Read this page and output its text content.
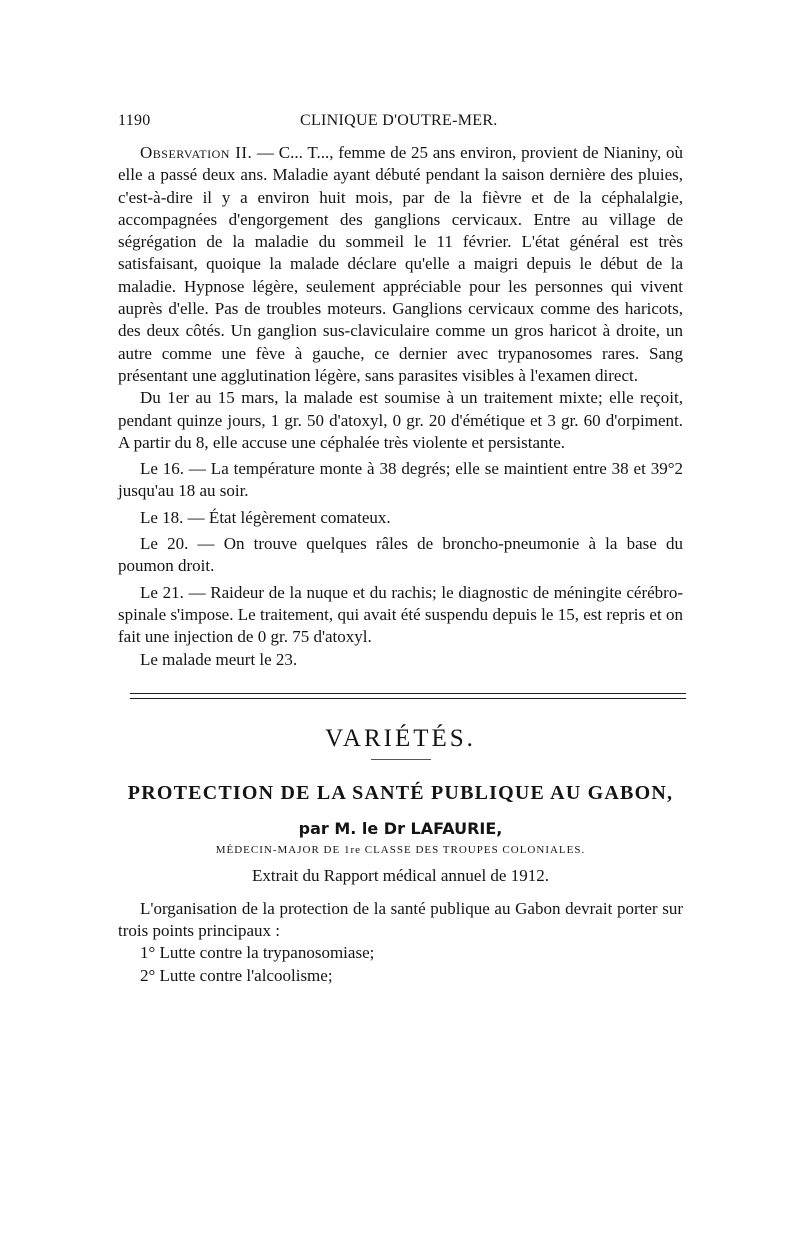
1190	CLINIQUE D'OUTRE-MER.

Observation II. — C... T..., femme de 25 ans environ, provient de Nianiny, où elle a passé deux ans. Maladie ayant débuté pendant la saison dernière des pluies, c'est-à-dire il y a environ huit mois, par de la fièvre et de la céphalalgie, accompagnées d'engorgement des ganglions cervicaux. Entre au village de ségrégation de la maladie du sommeil le 11 février. L'état général est très satisfaisant, quoique la malade déclare qu'elle a maigri depuis le début de la maladie. Hypnose légère, seulement appréciable pour les personnes qui vivent auprès d'elle. Pas de troubles moteurs. Ganglions cervicaux comme des haricots, des deux côtés. Un ganglion sus-claviculaire comme un gros haricot à droite, un autre comme une fève à gauche, ce dernier avec trypanosomes rares. Sang présentant une agglutination légère, sans parasites visibles à l'examen direct.

Du 1er au 15 mars, la malade est soumise à un traitement mixte; elle reçoit, pendant quinze jours, 1 gr. 50 d'atoxyl, 0 gr. 20 d'émétique et 3 gr. 60 d'orpiment. A partir du 8, elle accuse une céphalée très violente et persistante.

Le 16. — La température monte à 38 degrés; elle se maintient entre 38 et 39°2 jusqu'au 18 au soir.

Le 18. — État légèrement comateux.

Le 20. — On trouve quelques râles de broncho-pneumonie à la base du poumon droit.

Le 21. — Raideur de la nuque et du rachis; le diagnostic de méningite cérébro-spinale s'impose. Le traitement, qui avait été suspendu depuis le 15, est repris et on fait une injection de 0 gr. 75 d'atoxyl.

Le malade meurt le 23.

VARIÉTÉS.
PROTECTION DE LA SANTÉ PUBLIQUE AU GABON,
par M. le Dr LAFAURIE,
MÉDECIN-MAJOR DE 1re CLASSE DES TROUPES COLONIALES.
Extrait du Rapport médical annuel de 1912.

L'organisation de la protection de la santé publique au Gabon devrait porter sur trois points principaux :

1° Lutte contre la trypanosomiase;

2° Lutte contre l'alcoolisme;
